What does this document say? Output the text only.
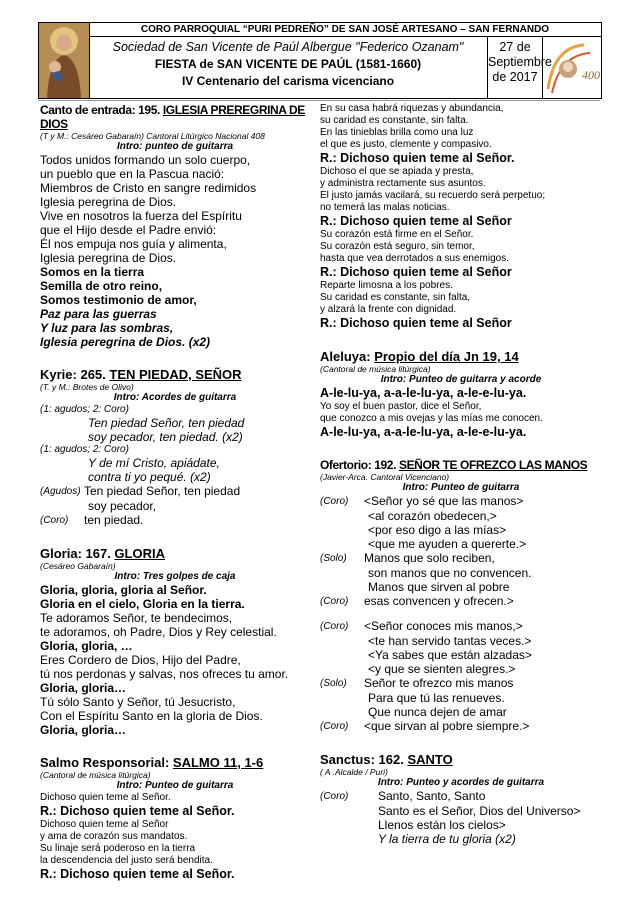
CORO PARROQUIAL “PURI PEDREÑO” DE SAN JOSÉ ARTESANO – SAN FERNANDO
Sociedad de San Vicente de Paúl Albergue "Federico Ozanam"
FIESTA de SAN VICENTE DE PAÚL (1581-1660)
IV Centenario del carisma vicenciano
27 de
Septiembre
de 2017	400
Canto de entrada: 195. IGLESIA PREREGRINA DE DIOS
(T y M.: Cesáreo Gabaraín) Cantoral Litúrgico Nacional 408
Intro: punteo de guitarra
Todos unidos formando un solo cuerpo,
un pueblo que en la Pascua nació:
Miembros de Cristo en sangre redimidos
Iglesia peregrina de Dios.
Vive en nosotros la fuerza del Espíritu
que el Hijo desde el Padre envió:
Él nos empuja nos guía y alimenta,
Iglesia peregrina de Dios.
Somos en la tierra
Semilla de otro reino,
Somos testimonio de amor,
Paz para las guerras
Y luz para las sombras,
Iglesia peregrina de Dios. (x2)
Kyrie: 265. TEN PIEDAD, SEÑOR
(T. y M.: Brotes de Olivo)
Intro: Acordes de guitarra
(1: agudos; 2: Coro)
Ten piedad Señor, ten piedad
soy pecador, ten piedad. (x2)
(1: agudos; 2: Coro)
Y de mí Cristo, apiádate,
contra ti yo pequé. (x2)
(Agudos) Ten piedad Señor, ten piedad
soy pecador,
(Coro)	ten piedad.
Gloria: 167. GLORIA
(Cesáreo Gabaraín)
Intro: Tres golpes de caja
Gloria, gloria, gloria al Señor.
Gloria en el cielo, Gloria en la tierra.
Te adoramos Señor, te bendecimos,
te adoramos, oh Padre, Dios y Rey celestial.
Gloria, gloria, …
Eres Cordero de Dios, Hijo del Padre,
tú nos perdonas y salvas, nos ofreces tu amor.
Gloria, gloria…
Tú sólo Santo y Señor, tú Jesucristo,
Con el Espíritu Santo en la gloria de Dios.
Gloria, gloria…
Salmo Responsorial: SALMO 11, 1-6
(Cantoral de música litúrgica)
Intro: Punteo de guitarra
Dichoso quien teme al Señor.
R.: Dichoso quien teme al Señor.
Dichoso quien teme al Señor
y ama de corazón sus mandatos.
Su linaje será poderoso en la tierra
la descendencia del justo será bendita.
R.: Dichoso quien teme al Señor.
En su casa habrá riquezas y abundancia,
su caridad es constante, sin falta.
En las tinieblas brilla como una luz
el que es justo, clemente y compasivo.
R.: Dichoso quien teme al Señor.
Dichoso el que se apiada y presta,
y administra rectamente sus asuntos.
El justo jamás vacilará, su recuerdo será perpetuo;
no temerá las malas noticias.
R.: Dichoso quien teme al Señor
Su corazón está firme en el Señor.
Su corazón está seguro, sin temor,
hasta que vea derrotados a sus enemigos.
R.: Dichoso quien teme al Señor
Reparte limosna a los pobres.
Su caridad es constante, sin falta,
y alzará la frente con dignidad.
R.: Dichoso quien teme al Señor
Aleluya: Propio del día Jn 19, 14
(Cantoral de música litúrgica)
Intro: Punteo de guitarra y acorde
A-le-lu-ya, a-a-le-lu-ya, a-le-e-lu-ya.
Yo soy el buen pastor, dice el Señor,
que conozco a mis ovejas y las mías me conocen.
A-le-lu-ya, a-a-le-lu-ya, a-le-e-lu-ya.
Ofertorio: 192. SEÑOR TE OFREZCO LAS MANOS
(Javier-Arca. Cantoral Vicenciano)
Intro: Punteo de guitarra
(Coro)	<Señor yo sé que las manos>
<al corazón obedecen,>
<por eso digo a las mías>
<que me ayuden a quererte.>
(Solo)	Manos que solo reciben,
son manos que no convencen.
Manos que sirven al pobre
(Coro)	esas convencen y ofrecen.>
(Coro)	<Señor conoces mis manos,>
<te han servido tantas veces.>
<Ya sabes que están alzadas>
<y que se sienten alegres.>
(Solo)	Señor te ofrezco mis manos
Para que tú las renueves.
Que nunca dejen de amar
(Coro)	<que sirvan al pobre siempre.>
Sanctus: 162. SANTO
( A .Alcalde / Puri)
Intro: Punteo y acordes de guitarra
(Coro)	Santo, Santo, Santo
Santo es el Señor, Dios del Universo>
Llenos están los cielos>
Y la tierra de tu gloria (x2)
